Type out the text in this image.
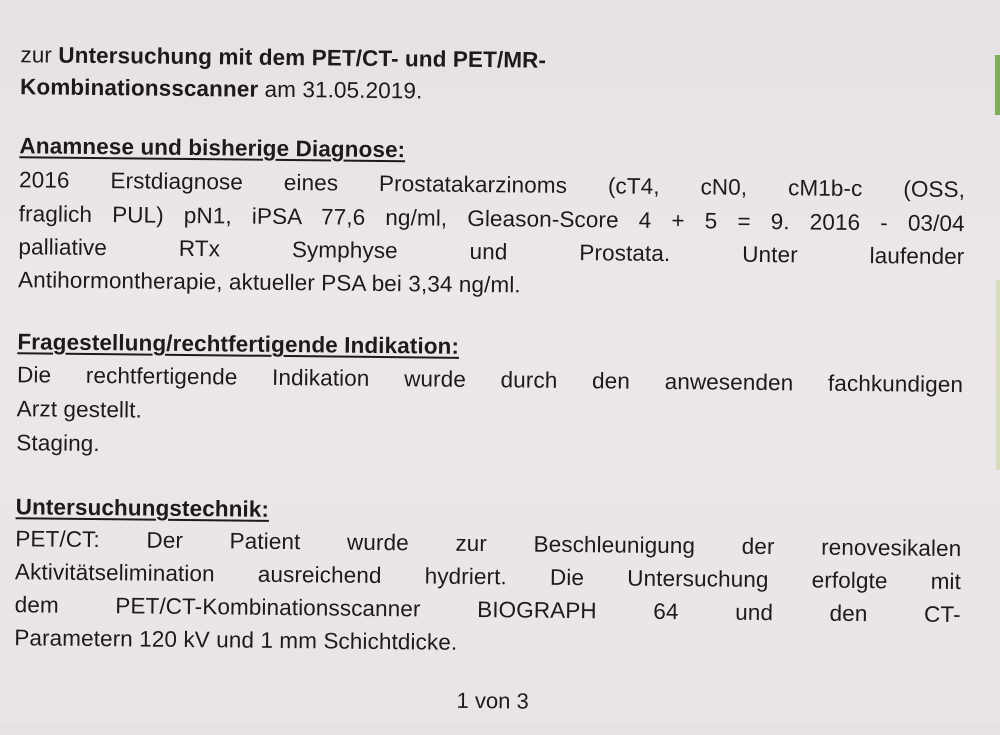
zur Untersuchung mit dem PET/CT- und PET/MR-
Kombinationsscanner am 31.05.2019.
Anamnese und bisherige Diagnose:
2016 Erstdiagnose eines Prostatakarzinoms (cT4, cN0, cM1b-c (OSS,
fraglich PUL) pN1, iPSA 77,6 ng/ml, Gleason-Score 4 + 5 = 9. 2016 - 03/04
palliative RTx Symphyse und Prostata. Unter laufender
Antihormontherapie, aktueller PSA bei 3,34 ng/ml.
Fragestellung/rechtfertigende Indikation:
Die rechtfertigende Indikation wurde durch den anwesenden fachkundigen
Arzt gestellt.
Staging.
Untersuchungstechnik:
PET/CT: Der Patient wurde zur Beschleunigung der renovesikalen
Aktivitätselimination ausreichend hydriert. Die Untersuchung erfolgte mit
dem PET/CT-Kombinationsscanner BIOGRAPH 64 und den CT-
Parametern 120 kV und 1 mm Schichtdicke.
1 von 3
